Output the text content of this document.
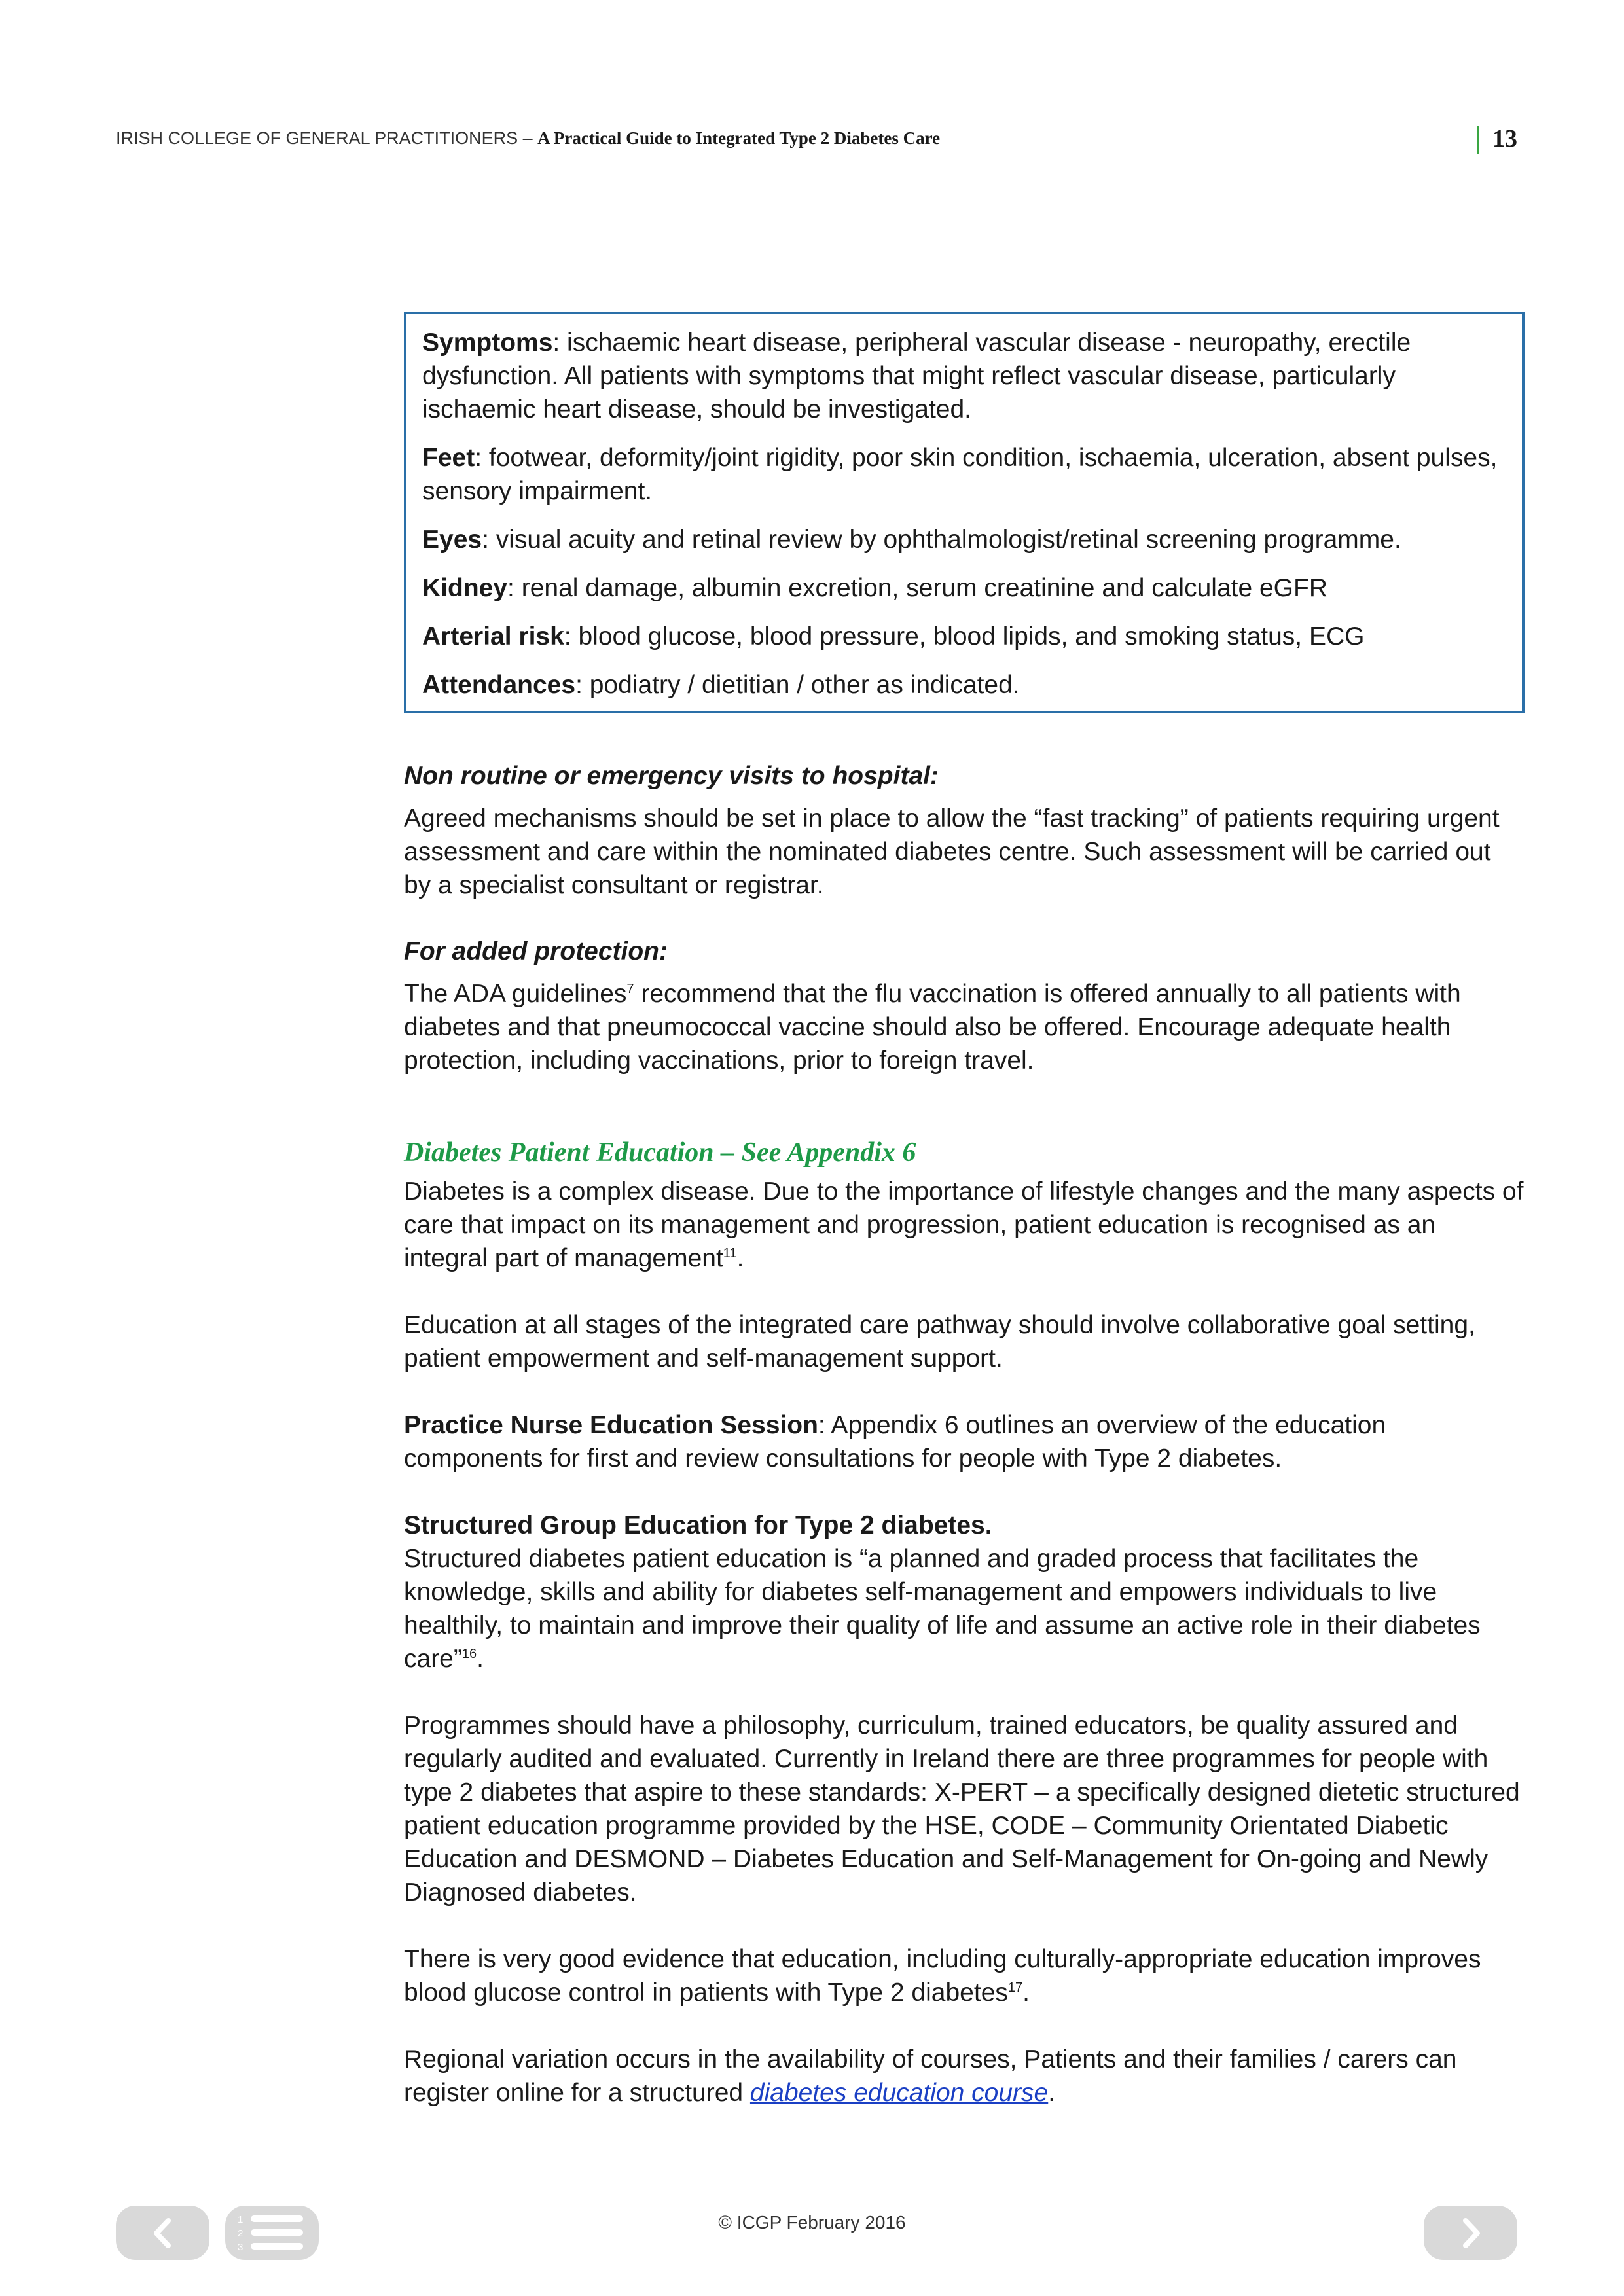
IRISH COLLEGE OF GENERAL PRACTITIONERS – A Practical Guide to Integrated Type 2 Diabetes Care	13

Symptoms: ischaemic heart disease, peripheral vascular disease - neuropathy, erectile dysfunction. All patients with symptoms that might reflect vascular disease, particularly ischaemic heart disease, should be investigated.

Feet: footwear, deformity/joint rigidity, poor skin condition, ischaemia, ulceration, absent pulses, sensory impairment.

Eyes: visual acuity and retinal review by ophthalmologist/retinal screening programme.

Kidney: renal damage, albumin excretion, serum creatinine and calculate eGFR

Arterial risk: blood glucose, blood pressure, blood lipids, and smoking status, ECG

Attendances: podiatry / dietitian / other as indicated.

Non routine or emergency visits to hospital:

Agreed mechanisms should be set in place to allow the “fast tracking” of patients requiring urgent assessment and care within the nominated diabetes centre. Such assessment will be carried out by a specialist consultant or registrar.

For added protection:

The ADA guidelines$^7$ recommend that the flu vaccination is offered annually to all patients with diabetes and that pneumococcal vaccine should also be offered. Encourage adequate health protection, including vaccinations, prior to foreign travel.

Diabetes Patient Education – See Appendix 6

Diabetes is a complex disease. Due to the importance of lifestyle changes and the many aspects of care that impact on its management and progression, patient education is recognised as an integral part of management$^{11}$.

Education at all stages of the integrated care pathway should involve collaborative goal setting, patient empowerment and self-management support.

Practice Nurse Education Session: Appendix 6 outlines an overview of the education components for first and review consultations for people with Type 2 diabetes.

Structured Group Education for Type 2 diabetes.
Structured diabetes patient education is “a planned and graded process that facilitates the knowledge, skills and ability for diabetes self-management and empowers individuals to live healthily, to maintain and improve their quality of life and assume an active role in their diabetes care”$^{16}$.

Programmes should have a philosophy, curriculum, trained educators, be quality assured and regularly audited and evaluated. Currently in Ireland there are three programmes for people with type 2 diabetes that aspire to these standards: X-PERT – a specifically designed dietetic structured patient education programme provided by the HSE, CODE – Community Orientated Diabetic Education and DESMOND – Diabetes Education and Self-Management for On-going and Newly Diagnosed diabetes.

There is very good evidence that education, including culturally-appropriate education improves blood glucose control in patients with Type 2 diabetes$^{17}$.

Regional variation occurs in the availability of courses, Patients and their families / carers can register online for a structured diabetes education course.

© ICGP February 2016
1
2
3
